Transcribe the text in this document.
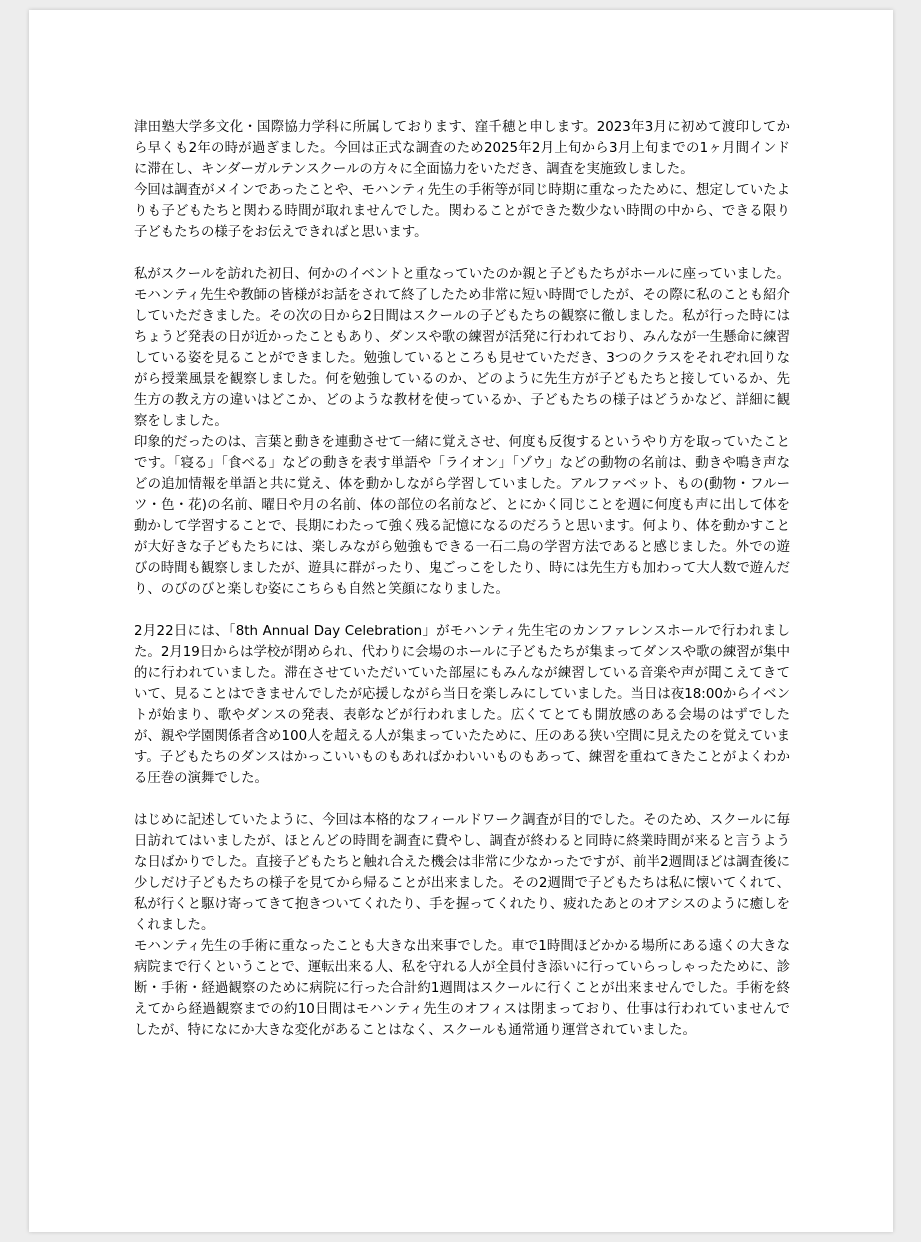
津田塾大学多文化・国際協力学科に所属しております、窪千穂と申します。2023年3月に初めて渡印してから早くも2年の時が過ぎました。今回は正式な調査のため2025年2月上旬から3月上旬までの1ヶ月間インドに滞在し、キンダーガルテンスクールの方々に全面協力をいただき、調査を実施致しました。

今回は調査がメインであったことや、モハンティ先生の手術等が同じ時期に重なったために、想定していたよりも子どもたちと関わる時間が取れませんでした。関わることができた数少ない時間の中から、できる限り子どもたちの様子をお伝えできればと思います。

私がスクールを訪れた初日、何かのイベントと重なっていたのか親と子どもたちがホールに座っていました。モハンティ先生や教師の皆様がお話をされて終了したため非常に短い時間でしたが、その際に私のことも紹介していただきました。その次の日から2日間はスクールの子どもたちの観察に徹しました。私が行った時にはちょうど発表の日が近かったこともあり、ダンスや歌の練習が活発に行われており、みんなが一生懸命に練習している姿を見ることができました。勉強しているところも見せていただき、3つのクラスをそれぞれ回りながら授業風景を観察しました。何を勉強しているのか、どのように先生方が子どもたちと接しているか、先生方の教え方の違いはどこか、どのような教材を使っているか、子どもたちの様子はどうかなど、詳細に観察をしました。

印象的だったのは、言葉と動きを連動させて一緒に覚えさせ、何度も反復するというやり方を取っていたことです。「寝る」「食べる」などの動きを表す単語や「ライオン」「ゾウ」などの動物の名前は、動きや鳴き声などの追加情報を単語と共に覚え、体を動かしながら学習していました。アルファベット、もの(動物・フルーツ・色・花)の名前、曜日や月の名前、体の部位の名前など、とにかく同じことを週に何度も声に出して体を動かして学習することで、長期にわたって強く残る記憶になるのだろうと思います。何より、体を動かすことが大好きな子どもたちには、楽しみながら勉強もできる一石二鳥の学習方法であると感じました。外での遊びの時間も観察しましたが、遊具に群がったり、鬼ごっこをしたり、時には先生方も加わって大人数で遊んだり、のびのびと楽しむ姿にこちらも自然と笑顔になりました。

2月22日には、「8th Annual Day Celebration」がモハンティ先生宅のカンファレンスホールで行われました。2月19日からは学校が閉められ、代わりに会場のホールに子どもたちが集まってダンスや歌の練習が集中的に行われていました。滞在させていただいていた部屋にもみんなが練習している音楽や声が聞こえてきていて、見ることはできませんでしたが応援しながら当日を楽しみにしていました。当日は夜18:00からイベントが始まり、歌やダンスの発表、表彰などが行われました。広くてとても開放感のある会場のはずでしたが、親や学園関係者含め100人を超える人が集まっていたために、圧のある狭い空間に見えたのを覚えています。子どもたちのダンスはかっこいいものもあればかわいいものもあって、練習を重ねてきたことがよくわかる圧巻の演舞でした。

はじめに記述していたように、今回は本格的なフィールドワーク調査が目的でした。そのため、スクールに毎日訪れてはいましたが、ほとんどの時間を調査に費やし、調査が終わると同時に終業時間が来ると言うような日ばかりでした。直接子どもたちと触れ合えた機会は非常に少なかったですが、前半2週間ほどは調査後に少しだけ子どもたちの様子を見てから帰ることが出来ました。その2週間で子どもたちは私に懐いてくれて、私が行くと駆け寄ってきて抱きついてくれたり、手を握ってくれたり、疲れたあとのオアシスのように癒しをくれました。

モハンティ先生の手術に重なったことも大きな出来事でした。車で1時間ほどかかる場所にある遠くの大きな病院まで行くということで、運転出来る人、私を守れる人が全員付き添いに行っていらっしゃったために、診断・手術・経過観察のために病院に行った合計約1週間はスクールに行くことが出来ませんでした。手術を終えてから経過観察までの約10日間はモハンティ先生のオフィスは閉まっており、仕事は行われていませんでしたが、特になにか大きな変化があることはなく、スクールも通常通り運営されていました。
